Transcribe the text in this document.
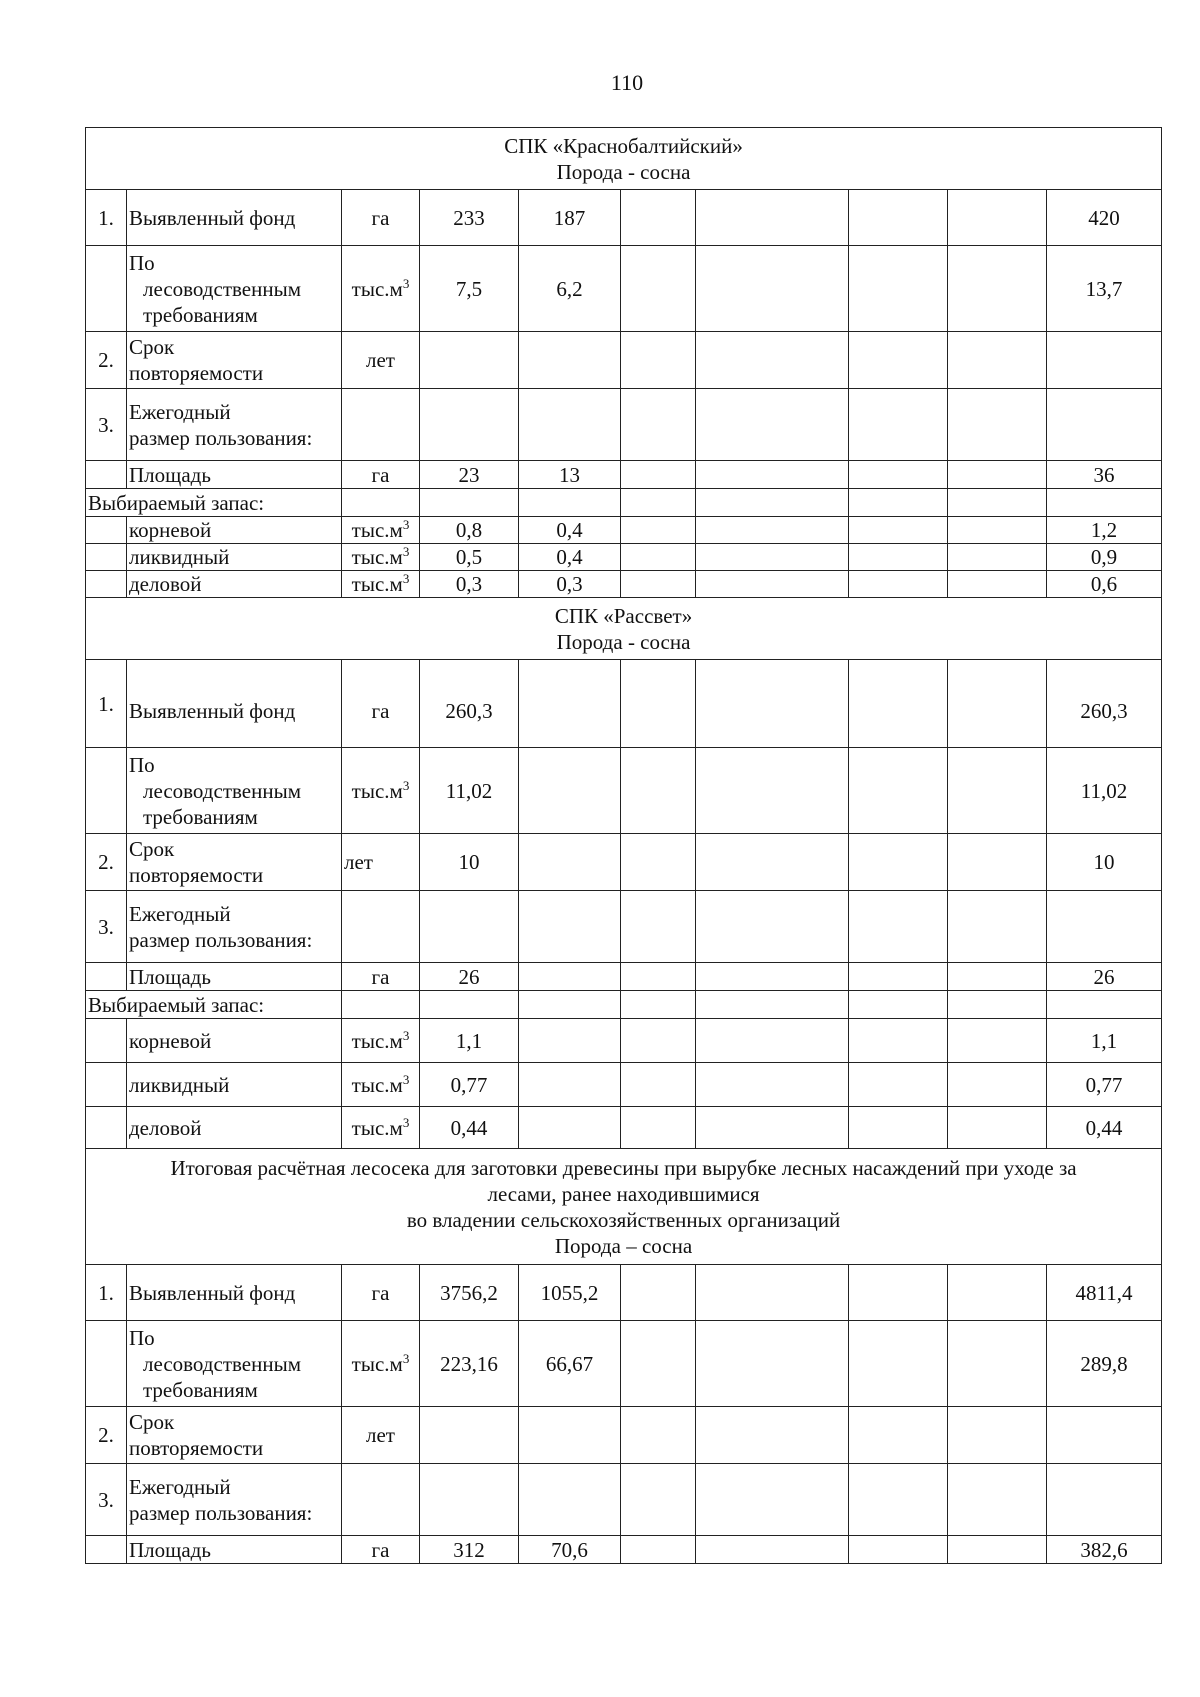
110
СПК «Краснобалтийский»
Порода - сосна									

1.	Выявленный фонд	га	233	187					420

	По
лесоводственным
требованиям	$тыс.м^3$	7,5	6,2					13,7
2.	Срок
повторяемости	лет							
3.	Ежегодный
размер пользования:								

	Площадь	га	23	13					36
Выбираемый запас:									
	корневой	$тыс.м^3$	0,8	0,4					1,2
	ликвидный	$тыс.м^3$	0,5	0,4					0,9
	деловой	$тыс.м^3$	0,3	0,3					0,6

СПК «Рассвет»
Порода - сосна									

1.	Выявленный фонд	га	260,3						260,3

	По
лесоводственным
требованиям	$тыс.м^3$	11,02						11,02
2.	Срок
повторяемости	лет	10						10
3.	Ежегодный
размер пользования:								

	Площадь	га	26						26
Выбираемый запас:									
	корневой	$тыс.м^3$	1,1						1,1
	ликвидный	$тыс.м^3$	0,77						0,77
	деловой	$тыс.м^3$	0,44						0,44

Итоговая расчётная лесосека для заготовки древесины при вырубке лесных насаждений при уходе за
лесами, ранее находившимися
во владении сельскохозяйственных организаций
Порода – сосна									

1.	Выявленный фонд	га	3756,2	1055,2					4811,4

	По
лесоводственным
требованиям	$тыс.м^3$	223,16	66,67					289,8
2.	Срок
повторяемости	лет							
3.	Ежегодный
размер пользования:								

	Площадь	га	312	70,6					382,6
